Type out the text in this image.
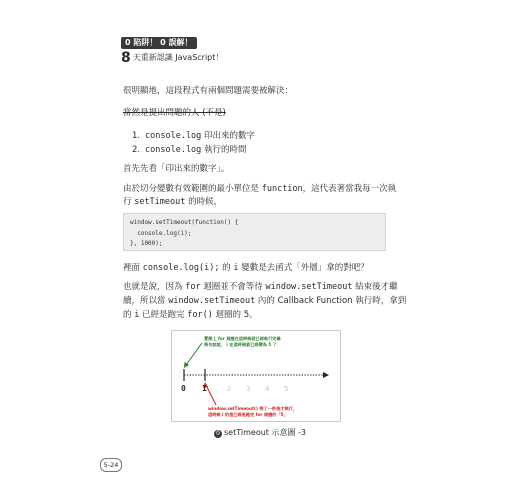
0 陷阱！ 0 誤解！
8 天重新認識 JavaScript！
很明顯地，這段程式有兩個問題需要被解決：
當然是提出問題的人 (不是)
1. console.log 印出來的數字
2. console.log 執行的時間
首先先看「印出來的數字」。
由於切分變數有效範圍的最小單位是 function，這代表著當我每一次執
行 setTimeout 的時候，
window.setTimeout(function() {
console.log(i);
}, 1000);
裡面 console.log(i); 的 i 變數是去函式「外層」拿的對吧？
也就是說，因為 for 迴圈並不會等待 window.setTimeout 結束後才繼
續，所以當 window.setTimeout 內的 Callback Function 執行時，拿到
的 i 已經是跑完 for() 迴圈的 5。
實際上 for 迴圈在這時候就已經執行完畢
換句話說， i 在這時候就已經變為 5 了
0 1	2 3 4 5
window.setTimeout() 等了一秒後才執行，
這時候 i 的值已經是跑完 for 迴圈的「5」
0 setTimeout 示意圖 -3
5-24
